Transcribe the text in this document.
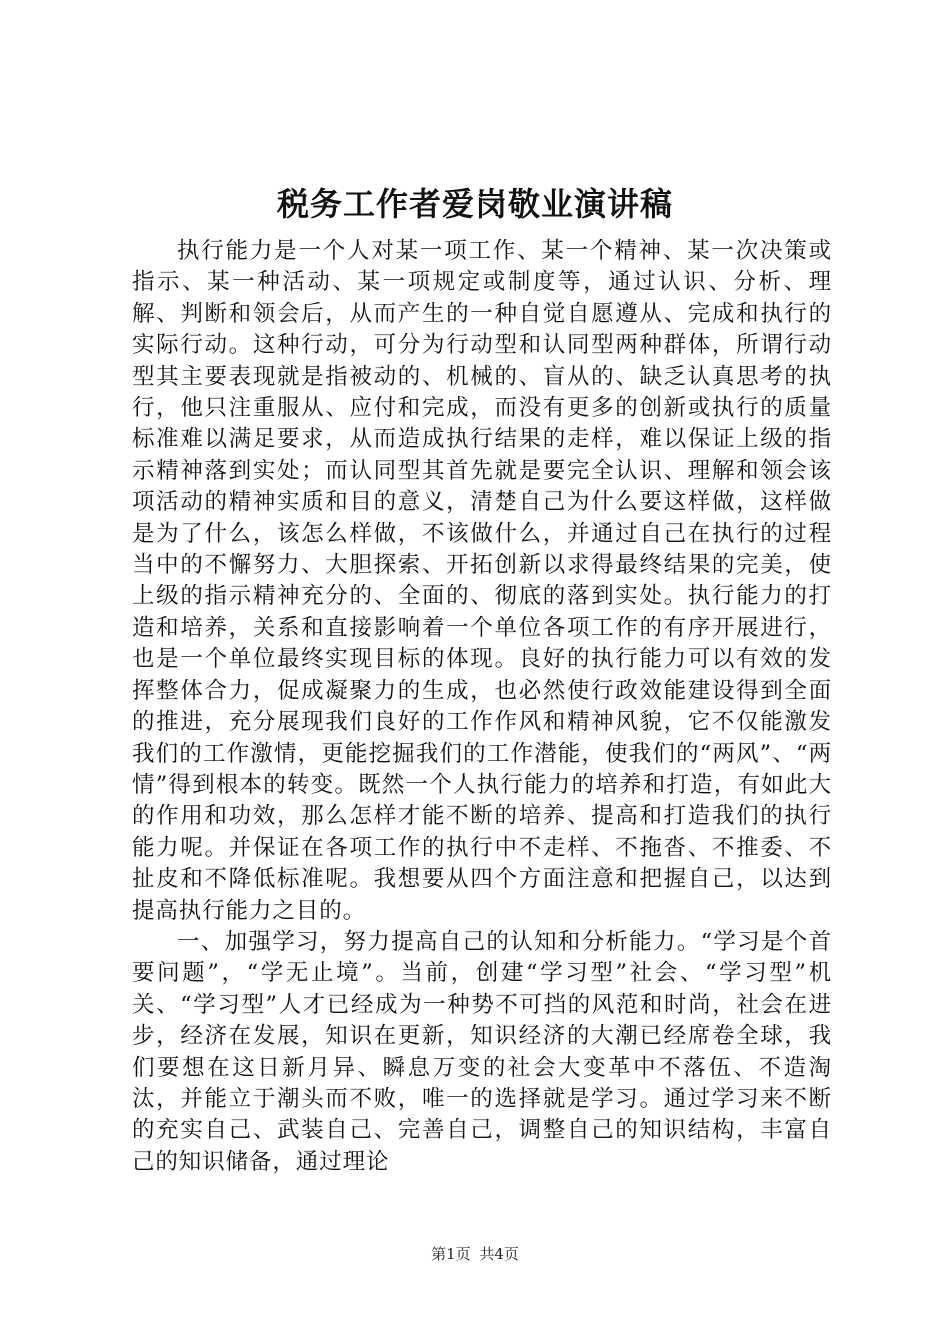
税务工作者爱岗敬业演讲稿

执行能力是一个人对某一项工作、某一个精神、某一次决策或指示、某一种活动、某一项规定或制度等，通过认识、分析、理解、判断和领会后，从而产生的一种自觉自愿遵从、完成和执行的实际行动。这种行动，可分为行动型和认同型两种群体，所谓行动型其主要表现就是指被动的、机械的、盲从的、缺乏认真思考的执行，他只注重服从、应付和完成，而没有更多的创新或执行的质量标准难以满足要求，从而造成执行结果的走样，难以保证上级的指示精神落到实处；而认同型其首先就是要完全认识、理解和领会该项活动的精神实质和目的意义，清楚自己为什么要这样做，这样做是为了什么，该怎么样做，不该做什么，并通过自己在执行的过程当中的不懈努力、大胆探索、开拓创新以求得最终结果的完美，使上级的指示精神充分的、全面的、彻底的落到实处。执行能力的打造和培养，关系和直接影响着一个单位各项工作的有序开展进行，也是一个单位最终实现目标的体现。良好的执行能力可以有效的发挥整体合力，促成凝聚力的生成，也必然使行政效能建设得到全面的推进，充分展现我们良好的工作作风和精神风貌，它不仅能激发我们的工作激情，更能挖掘我们的工作潜能，使我们的“两风”、“两情”得到根本的转变。既然一个人执行能力的培养和打造，有如此大的作用和功效，那么怎样才能不断的培养、提高和打造我们的执行能力呢。并保证在各项工作的执行中不走样、不拖沓、不推委、不扯皮和不降低标准呢。我想要从四个方面注意和把握自己，以达到提高执行能力之目的。

一、加强学习，努力提高自己的认知和分析能力。“学习是个首要问题”，“学无止境”。当前，创建“学习型”社会、“学习型”机关、“学习型”人才已经成为一种势不可挡的风范和时尚，社会在进步，经济在发展，知识在更新，知识经济的大潮已经席卷全球，我们要想在这日新月异、瞬息万变的社会大变革中不落伍、不造淘汰，并能立于潮头而不败，唯一的选择就是学习。通过学习来不断的充实自己、武装自己、完善自己，调整自己的知识结构，丰富自己的知识储备，通过理论

第1页 共4页
